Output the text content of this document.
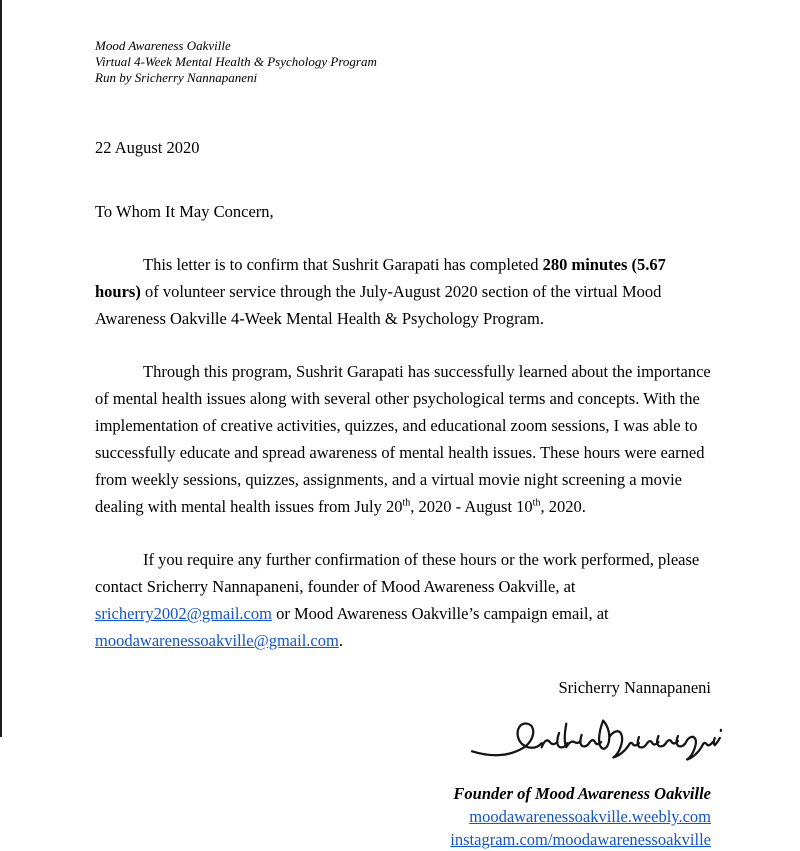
Mood Awareness Oakville
Virtual 4-Week Mental Health & Psychology Program
Run by Sricherry Nannapaneni
22 August 2020
To Whom It May Concern,

This letter is to confirm that Sushrit Garapati has completed 280 minutes (5.67 hours) of volunteer service through the July-August 2020 section of the virtual Mood Awareness Oakville 4-Week Mental Health & Psychology Program.

Through this program, Sushrit Garapati has successfully learned about the importance of mental health issues along with several other psychological terms and concepts. With the implementation of creative activities, quizzes, and educational zoom sessions, I was able to successfully educate and spread awareness of mental health issues. These hours were earned from weekly sessions, quizzes, assignments, and a virtual movie night screening a movie dealing with mental health issues from July 20th, 2020 - August 10th, 2020.

If you require any further confirmation of these hours or the work performed, please contact Sricherry Nannapaneni, founder of Mood Awareness Oakville, at sricherry2002@gmail.com or Mood Awareness Oakville’s campaign email, at moodawarenessoakville@gmail.com.

Sricherry Nannapaneni
Founder of Mood Awareness Oakville
moodawarenessoakville.weebly.com
instagram.com/moodawarenessoakville
